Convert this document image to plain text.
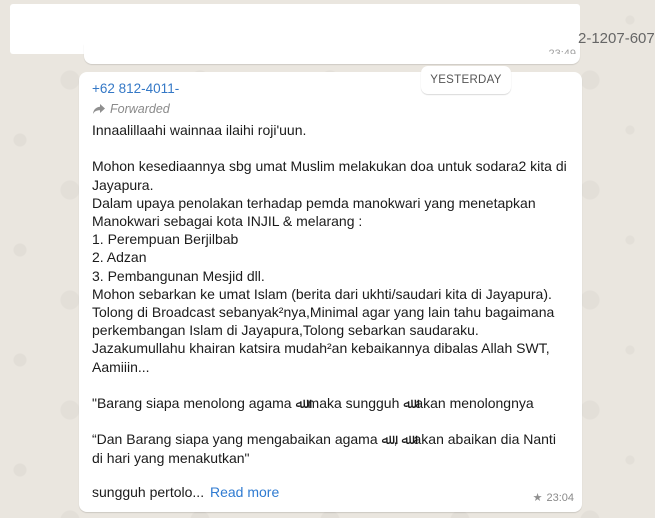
2-1207-607
+62 812-4011-
Forwarded
Innaalillaahi wainnaa ilaihi roji'uun.

Mohon kesediaannya sbg umat Muslim melakukan doa untuk sodara2 kita di Jayapura.
Dalam upaya penolakan terhadap pemda manokwari yang menetapkan Manokwari sebagai kota INJIL & melarang :
1. Perempuan Berjilbab
2. Adzan
3. Pembangunan Mesjid dll.
Mohon sebarkan ke umat Islam (berita dari ukhti/saudari kita di Jayapura).
Tolong di Broadcast sebanyak²nya,Minimal agar yang lain tahu bagaimana perkembangan Islam di Jayapura,Tolong sebarkan saudaraku.
Jazakumullahu khairan katsira mudah²an kebaikannya dibalas Allah SWT, Aamiiin...

"Barang siapa menolong agama ﷲ maka sungguh ﷲ akan menolongnya

“Dan Barang siapa yang mengabaikan agama ﷲ , ﷲ akan abaikan dia Nanti di hari yang menakutkan"
sungguh pertolo... Read more	★ 23:04
YESTERDAY
